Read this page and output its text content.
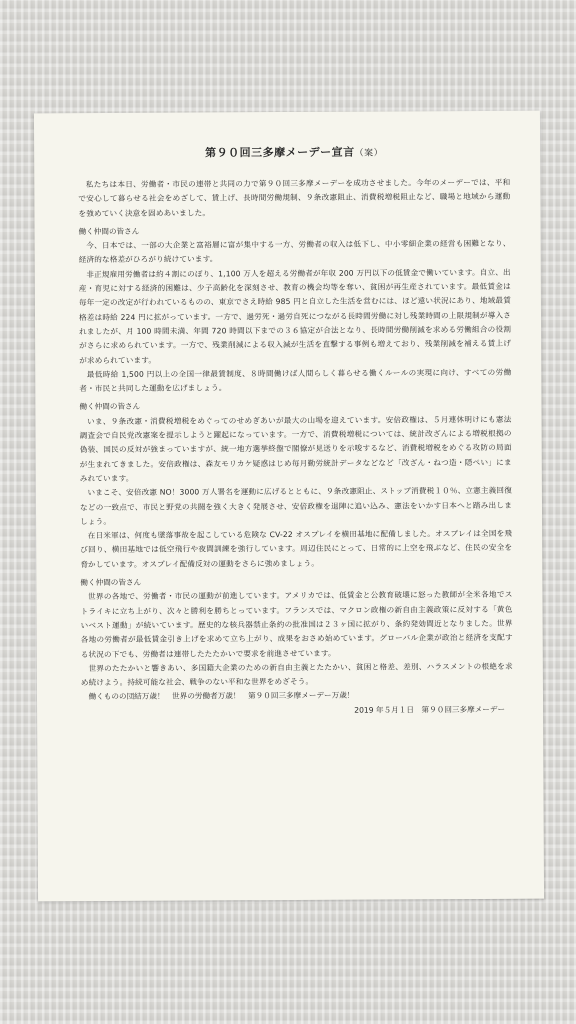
第９０回三多摩メーデー宣言（案）

私たちは本日、労働者・市民の連帯と共同の力で第９０回三多摩メーデーを成功させました。今年のメーデーでは、平和で安心して暮らせる社会をめざして、賃上げ、長時間労働規制、９条改憲阻止、消費税増税阻止など、職場と地域から運動を強めていく決意を固めあいました。

働く仲間の皆さん

今、日本では、一部の大企業と富裕層に富が集中する一方、労働者の収入は低下し、中小零細企業の経営も困難となり、経済的な格差がひろがり続けています。

非正規雇用労働者は約４割にのぼり、1,100 万人を超える労働者が年収 200 万円以下の低賃金で働いています。自立、出産・育児に対する経済的困難は、少子高齢化を深刻させ、教育の機会均等を奪い、貧困が再生産されています。最低賃金は毎年一定の改定が行われているものの、東京でさえ時給 985 円と自立した生活を営むには、ほど遠い状況にあり、地域最賃格差は時給 224 円に拡がっています。一方で、過労死・過労自死につながる長時間労働に対し残業時間の上限規制が導入されましたが、月 100 時間未満、年間 720 時間以下までの３６協定が合法となり、長時間労働削減を求める労働組合の役割がさらに求められています。一方で、残業削減による収入減が生活を直撃する事例も増えており、残業削減を補える賃上げが求められています。

最低時給 1,500 円以上の全国一律最賃制度、８時間働けば人間らしく暮らせる働くルールの実現に向け、すべての労働者・市民と共同した運動を広げましょう。

働く仲間の皆さん

いま、９条改憲・消費税増税をめぐってのせめぎあいが最大の山場を迎えています。安倍政権は、５月連休明けにも憲法調査会で自民党改憲案を提示しようと躍起になっています。一方で、消費税増税については、統計改ざんによる増税根拠の偽装、国民の反対が強まっていますが、統一地方選挙終盤で閣僚が見送りを示唆するなど、消費税増税をめぐる攻防の局面が生まれてきました。安倍政権は、森友モリカケ疑惑はじめ毎月勤労統計データなどなど「改ざん・ねつ造・隠ぺい」にまみれています。

いまこそ、安倍改憲 NO！3000 万人署名を運動に広げるとともに、９条改憲阻止、ストップ消費税１０％、立憲主義回復などの一致点で、市民と野党の共闘を強く大きく発展させ、安倍政権を退陣に追い込み、憲法をいかす日本へと踏み出しましょう。

在日米軍は、何度も墜落事故を起こしている危険な CV-22 オスプレイを横田基地に配備しました。オスプレイは全国を飛び回り、横田基地では低空飛行や夜間訓練を強行しています。周辺住民にとって、日常的に上空を飛ぶなど、住民の安全を脅かしています。オスプレイ配備反対の運動をさらに強めましょう。

働く仲間の皆さん

世界の各地で、労働者・市民の運動が前進しています。アメリカでは、低賃金と公教育破壊に怒った教師が全米各地でストライキに立ち上がり、次々と勝利を勝ちとっています。フランスでは、マクロン政権の新自由主義政策に反対する「黄色いベスト運動」が続いています。歴史的な核兵器禁止条約の批准国は２３ヶ国に拡がり、条約発効間近となりました。世界各地の労働者が最低賃金引き上げを求めて立ち上がり、成果をおさめ始めています。グローバル企業が政治と経済を支配する状況の下でも、労働者は連帯したたたかいで要求を前進させています。

世界のたたかいと響きあい、多国籍大企業のための新自由主義とたたかい、貧困と格差、差別、ハラスメントの根絶を求め続けよう。持続可能な社会、戦争のない平和な世界をめざそう。

働くものの団結万歳！　世界の労働者万歳！　第９０回三多摩メーデー万歳！

2019 年５月１日　第９０回三多摩メーデー
